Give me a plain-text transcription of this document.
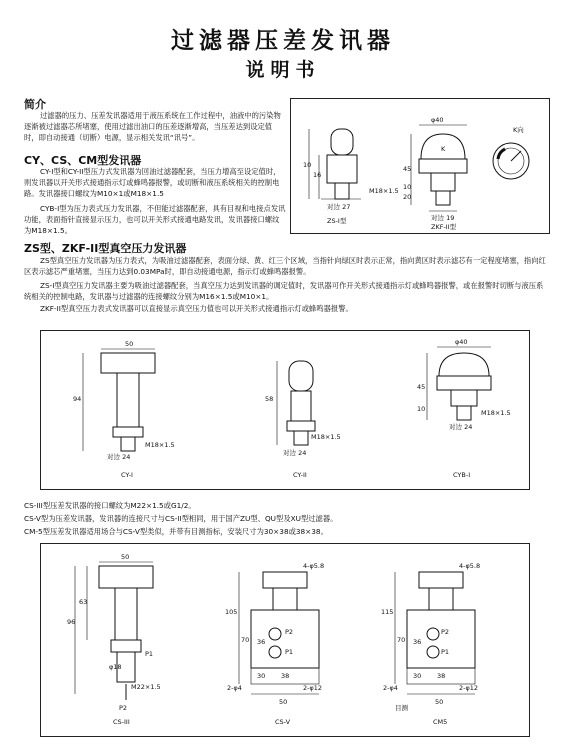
过滤器压差发讯器
说明书
简介
过滤器的压力、压差发讯器适用于液压系统在工作过程中，油液中的污染物逐渐被过滤器芯所堵塞，使用过滤出油口的压差逐渐增高，当压差达到设定值时，即自动接通（切断）电源，显示相关发讯“讯号”。
CY、CS、CM型发讯器
CY-I型和CY-II型压力式发讯器为回油过滤器配套，当压力增高至设定值时，则发讯器以开关形式接通指示灯或蜂鸣器报警，或切断和液压系统相关的控制电路。发讯器接口螺纹为M10×1或M18×1.5
CYB-I型为压力表式压力发讯器，不但能过滤器配套，具有目视和电接点发讯功能，表面指针直接显示压力，也可以开关形式接通电路发讯，发讯器接口螺纹为M18×1.5。
φ40
K
K向
16
10	45
10
20
M18×1.5
对边 27
对边 19
ZS-I型
ZKF-II型
ZS型、ZKF-II型真空压力发讯器
ZS型真空压力发讯器为压力表式，为吸油过滤器配套，表面分绿、黄、红三个区域，当指针向绿区时表示正常，指向黄区时表示滤芯有一定程度堵塞，指向红区表示滤芯严重堵塞，当压力达到0.03MPa时，即自动接通电源，指示灯或蜂鸣器报警。
ZS-I型真空压力发讯器主要为吸油过滤器配套，当真空压力达到发讯器的调定值时，发讯器可作开关形式接通指示灯或蜂鸣器报警，或在报警时切断与液压系统相关的控制电路，发讯器与过滤器的连接螺纹分别为M16×1.5或M10×1。
ZKF-II型真空压力表式发讯器可以直接显示真空压力值也可以开关形式接通指示灯或蜂鸣器报警。
50
94
对边 24
M18×1.5
58
对边 24
M18×1.5
φ40
45
10
对边 24
M18×1.5
CY-I	CY-II	CYB-I
CS-III型压差发讯器的接口螺纹为M22×1.5或G1/2。
CS-V型为压差发讯器，发讯器的连接尺寸与CS-II型相同，用于国产ZU型、QU型及XU型过滤器。
CM-5型压差发讯器适用场合与CS-V型类似，并带有目测指标，安装尺寸为30×38或38×38。
50
63
96
P1
φ18
M22×1.5
P2
CS-III
4-φ5.8
105
70 36
P2
P1
30 38
2-φ4	2-φ12
50
CS-V
4-φ5.8
115
70 36
P2
P1
30 38
2-φ4	2-φ12
50
目测
CM5
